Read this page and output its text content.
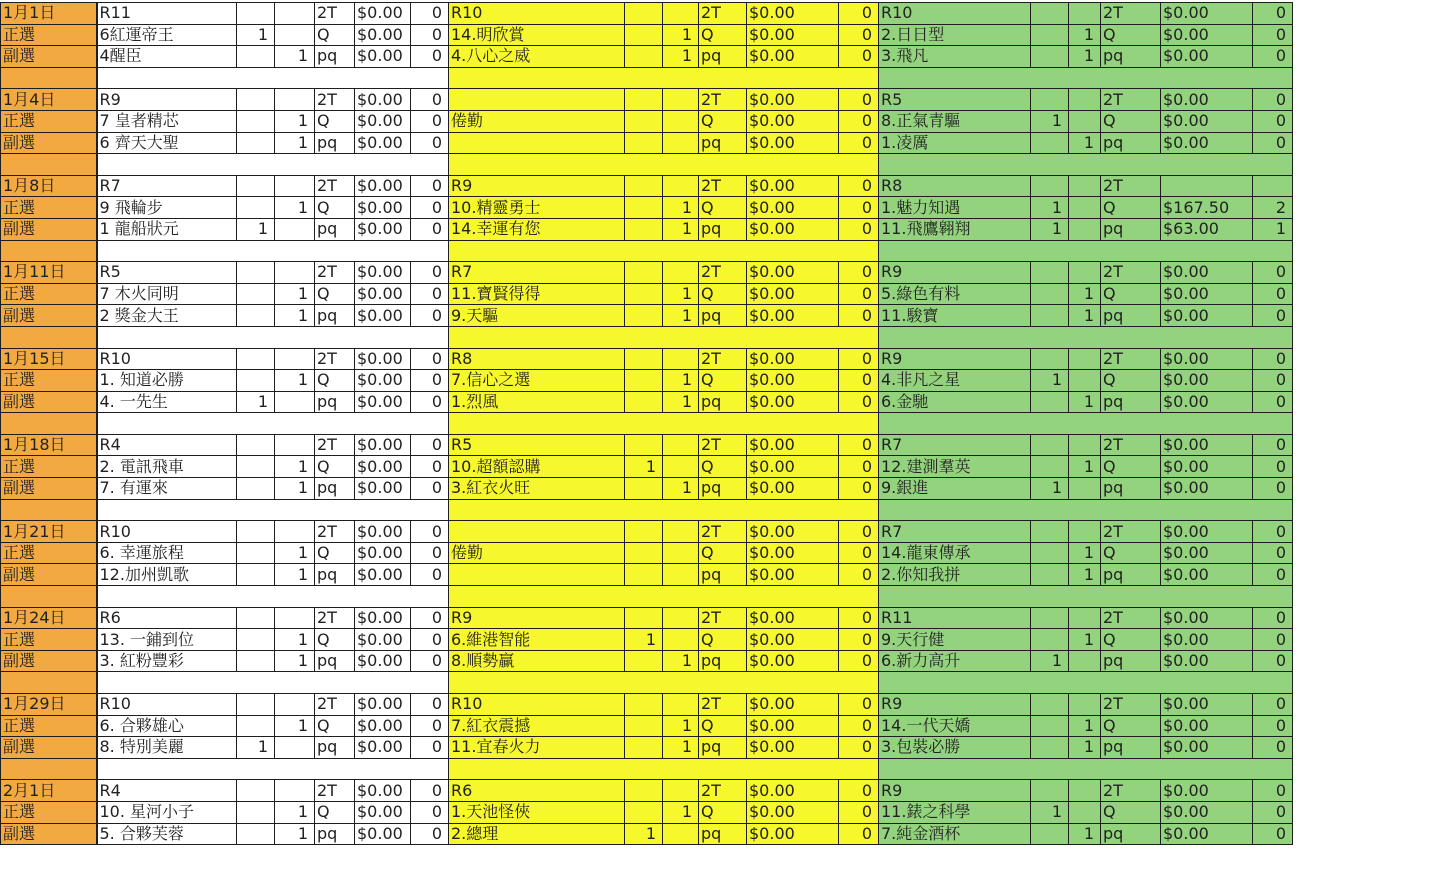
1月1日	R11			2T	$0.00	0	R10			2T	$0.00	0	R10			2T	$0.00	0
正選	6紅運帝王	1		Q	$0.00	0	14.明欣賞		1	Q	$0.00	0	2.日日型		1	Q	$0.00	0
副選	4醒臣		1	pq	$0.00	0	4.八心之威		1	pq	$0.00	0	3.飛凡		1	pq	$0.00	0

1月4日	R9			2T	$0.00	0				2T	$0.00	0	R5			2T	$0.00	0
正選	7 皇者精芯		1	Q	$0.00	0	倦勤			Q	$0.00	0	8.正氣青驅	1		Q	$0.00	0
副選	6 齊天大聖		1	pq	$0.00	0				pq	$0.00	0	1.凌厲		1	pq	$0.00	0

1月8日	R7			2T	$0.00	0	R9			2T	$0.00	0	R8			2T		
正選	9 飛輪步		1	Q	$0.00	0	10.精靈勇士		1	Q	$0.00	0	1.魅力知遇	1		Q	$167.50	2
副選	1 龍船狀元	1		pq	$0.00	0	14.幸運有您		1	pq	$0.00	0	11.飛鷹翱翔	1		pq	$63.00	1

1月11日	R5			2T	$0.00	0	R7			2T	$0.00	0	R9			2T	$0.00	0
正選	7 木火同明		1	Q	$0.00	0	11.寶賢得得		1	Q	$0.00	0	5.綠色有料		1	Q	$0.00	0
副選	2 獎金大王		1	pq	$0.00	0	9.天驅		1	pq	$0.00	0	11.駿寶		1	pq	$0.00	0

1月15日	R10			2T	$0.00	0	R8			2T	$0.00	0	R9			2T	$0.00	0
正選	1. 知道必勝		1	Q	$0.00	0	7.信心之選		1	Q	$0.00	0	4.非凡之星	1		Q	$0.00	0
副選	4. 一先生	1		pq	$0.00	0	1.烈風		1	pq	$0.00	0	6.金馳		1	pq	$0.00	0

1月18日	R4			2T	$0.00	0	R5			2T	$0.00	0	R7			2T	$0.00	0
正選	2. 電訊飛車		1	Q	$0.00	0	10.超額認購	1		Q	$0.00	0	12.建測羣英		1	Q	$0.00	0
副選	7. 有運來		1	pq	$0.00	0	3.紅衣火旺		1	pq	$0.00	0	9.銀進	1		pq	$0.00	0

1月21日	R10			2T	$0.00	0				2T	$0.00	0	R7			2T	$0.00	0
正選	6. 幸運旅程		1	Q	$0.00	0	倦勤			Q	$0.00	0	14.龍東傳承		1	Q	$0.00	0
副選	12.加州凱歌		1	pq	$0.00	0				pq	$0.00	0	2.你知我拼		1	pq	$0.00	0

1月24日	R6			2T	$0.00	0	R9			2T	$0.00	0	R11			2T	$0.00	0
正選	13. 一鋪到位		1	Q	$0.00	0	6.維港智能	1		Q	$0.00	0	9.天行健		1	Q	$0.00	0
副選	3. 紅粉豐彩		1	pq	$0.00	0	8.順勢贏		1	pq	$0.00	0	6.新力高升	1		pq	$0.00	0

1月29日	R10			2T	$0.00	0	R10			2T	$0.00	0	R9			2T	$0.00	0
正選	6. 合夥雄心		1	Q	$0.00	0	7.紅衣震撼		1	Q	$0.00	0	14.一代天嬌		1	Q	$0.00	0
副選	8. 特別美麗	1		pq	$0.00	0	11.宜春火力		1	pq	$0.00	0	3.包裝必勝		1	pq	$0.00	0

2月1日	R4			2T	$0.00	0	R6			2T	$0.00	0	R9			2T	$0.00	0
正選	10. 星河小子		1	Q	$0.00	0	1.天池怪俠		1	Q	$0.00	0	11.錶之科學	1		Q	$0.00	0
副選	5. 合夥芙蓉		1	pq	$0.00	0	2.總理	1		pq	$0.00	0	7.純金酒杯		1	pq	$0.00	0
